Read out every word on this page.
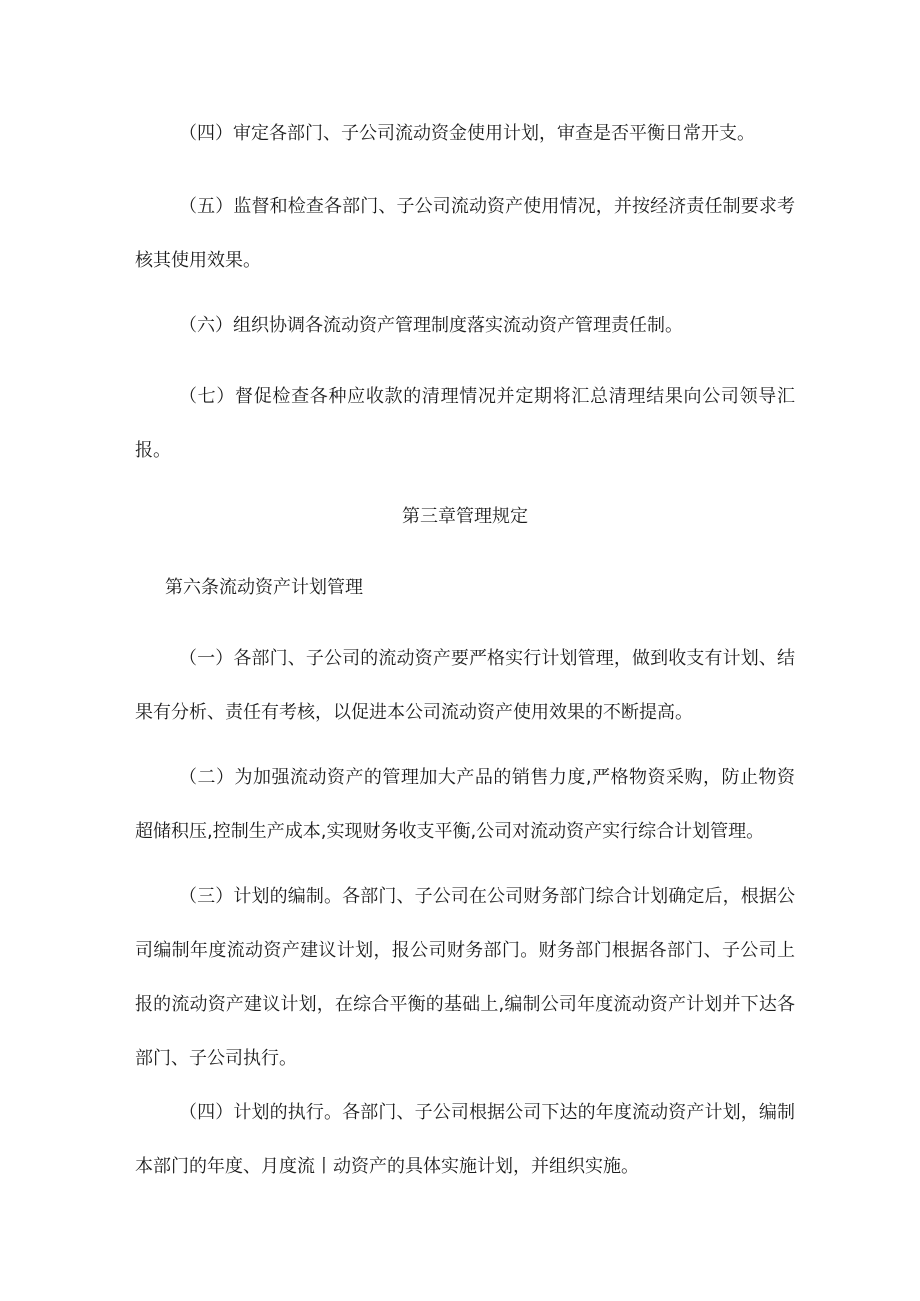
（四）审定各部门、子公司流动资金使用计划，审查是否平衡日常开支。

（五）监督和检查各部门、子公司流动资产使用情况，并按经济责任制要求考核其使用效果。

（六）组织协调各流动资产管理制度落实流动资产管理责任制。

（七）督促检查各种应收款的清理情况并定期将汇总清理结果向公司领导汇报。

第三章管理规定

第六条流动资产计划管理

（一）各部门、子公司的流动资产要严格实行计划管理，做到收支有计划、结果有分析、责任有考核，以促进本公司流动资产使用效果的不断提高。

（二）为加强流动资产的管理加大产品的销售力度,严格物资采购，防止物资超储积压,控制生产成本,实现财务收支平衡,公司对流动资产实行综合计划管理。

（三）计划的编制。各部门、子公司在公司财务部门综合计划确定后，根据公司编制年度流动资产建议计划，报公司财务部门。财务部门根据各部门、子公司上报的流动资产建议计划，在综合平衡的基础上,编制公司年度流动资产计划并下达各部门、子公司执行。

（四）计划的执行。各部门、子公司根据公司下达的年度流动资产计划，编制本部门的年度、月度流丨动资产的具体实施计划，并组织实施。
